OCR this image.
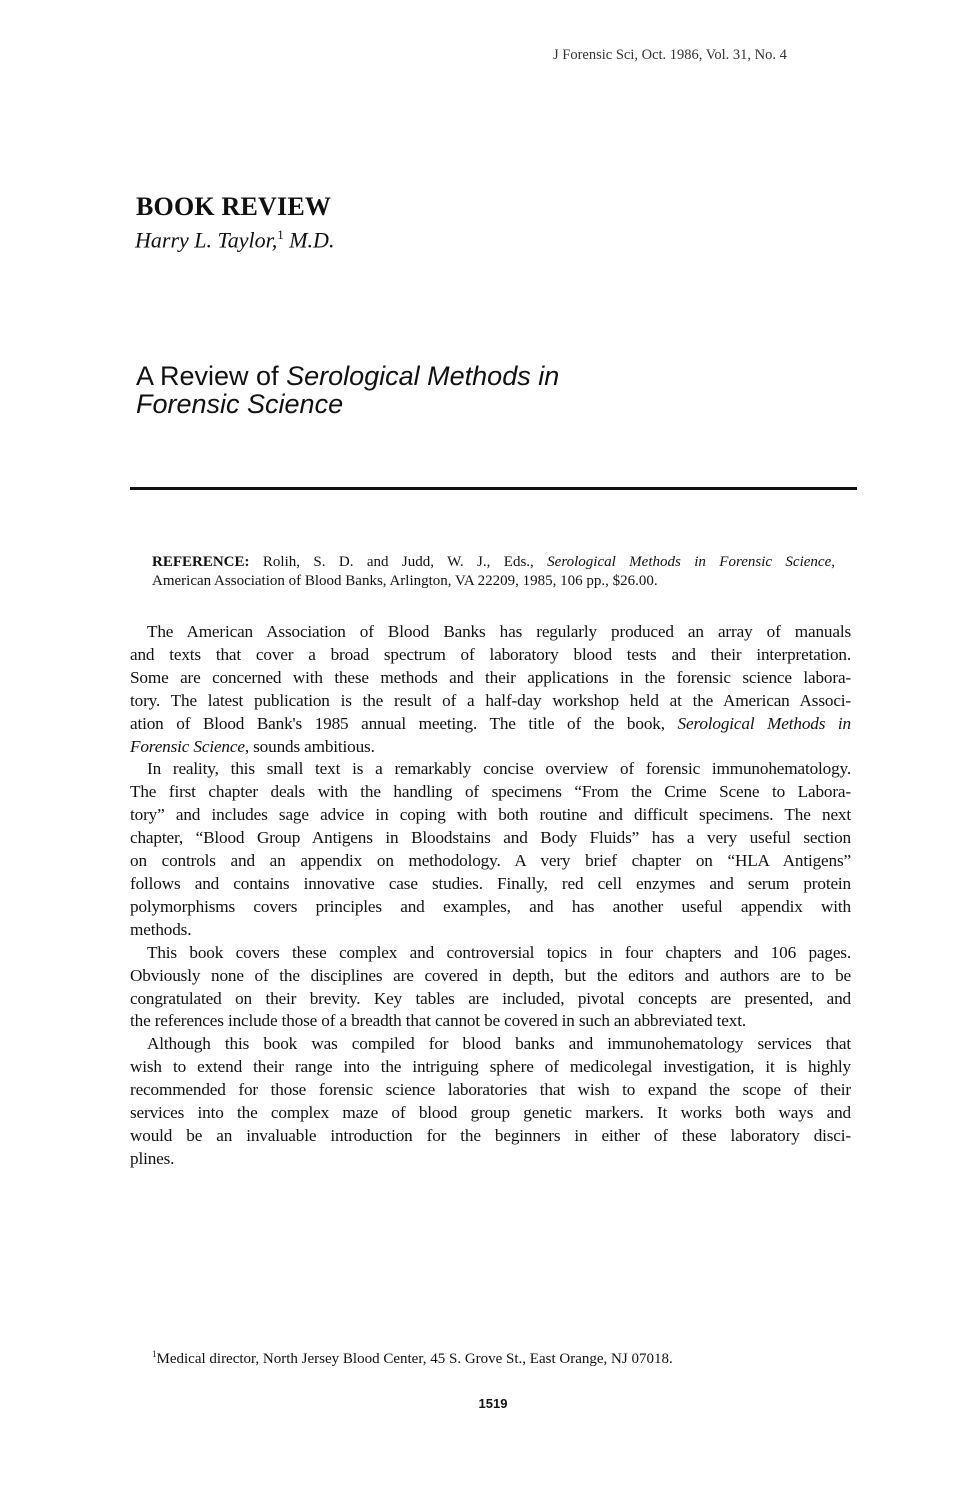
J Forensic Sci, Oct. 1986, Vol. 31, No. 4
BOOK REVIEW
Harry L. Taylor,$^1$ M.D.
A Review of Serological Methods in
Forensic Science
REFERENCE: Rolih, S. D. and Judd, W. J., Eds., Serological Methods in Forensic Science,
American Association of Blood Banks, Arlington, VA 22209, 1985, 106 pp., $26.00.
The American Association of Blood Banks has regularly produced an array of manuals
and texts that cover a broad spectrum of laboratory blood tests and their interpretation.
Some are concerned with these methods and their applications in the forensic science labora-
tory. The latest publication is the result of a half-day workshop held at the American Associ-
ation of Blood Bank's 1985 annual meeting. The title of the book, Serological Methods in
Forensic Science, sounds ambitious.
In reality, this small text is a remarkably concise overview of forensic immunohematology.
The first chapter deals with the handling of specimens “From the Crime Scene to Labora-
tory” and includes sage advice in coping with both routine and difficult specimens. The next
chapter, “Blood Group Antigens in Bloodstains and Body Fluids” has a very useful section
on controls and an appendix on methodology. A very brief chapter on “HLA Antigens”
follows and contains innovative case studies. Finally, red cell enzymes and serum protein
polymorphisms covers principles and examples, and has another useful appendix with
methods.
This book covers these complex and controversial topics in four chapters and 106 pages.
Obviously none of the disciplines are covered in depth, but the editors and authors are to be
congratulated on their brevity. Key tables are included, pivotal concepts are presented, and
the references include those of a breadth that cannot be covered in such an abbreviated text.
Although this book was compiled for blood banks and immunohematology services that
wish to extend their range into the intriguing sphere of medicolegal investigation, it is highly
recommended for those forensic science laboratories that wish to expand the scope of their
services into the complex maze of blood group genetic markers. It works both ways and
would be an invaluable introduction for the beginners in either of these laboratory disci-
plines.
$^1$Medical director, North Jersey Blood Center, 45 S. Grove St., East Orange, NJ 07018.
1519
